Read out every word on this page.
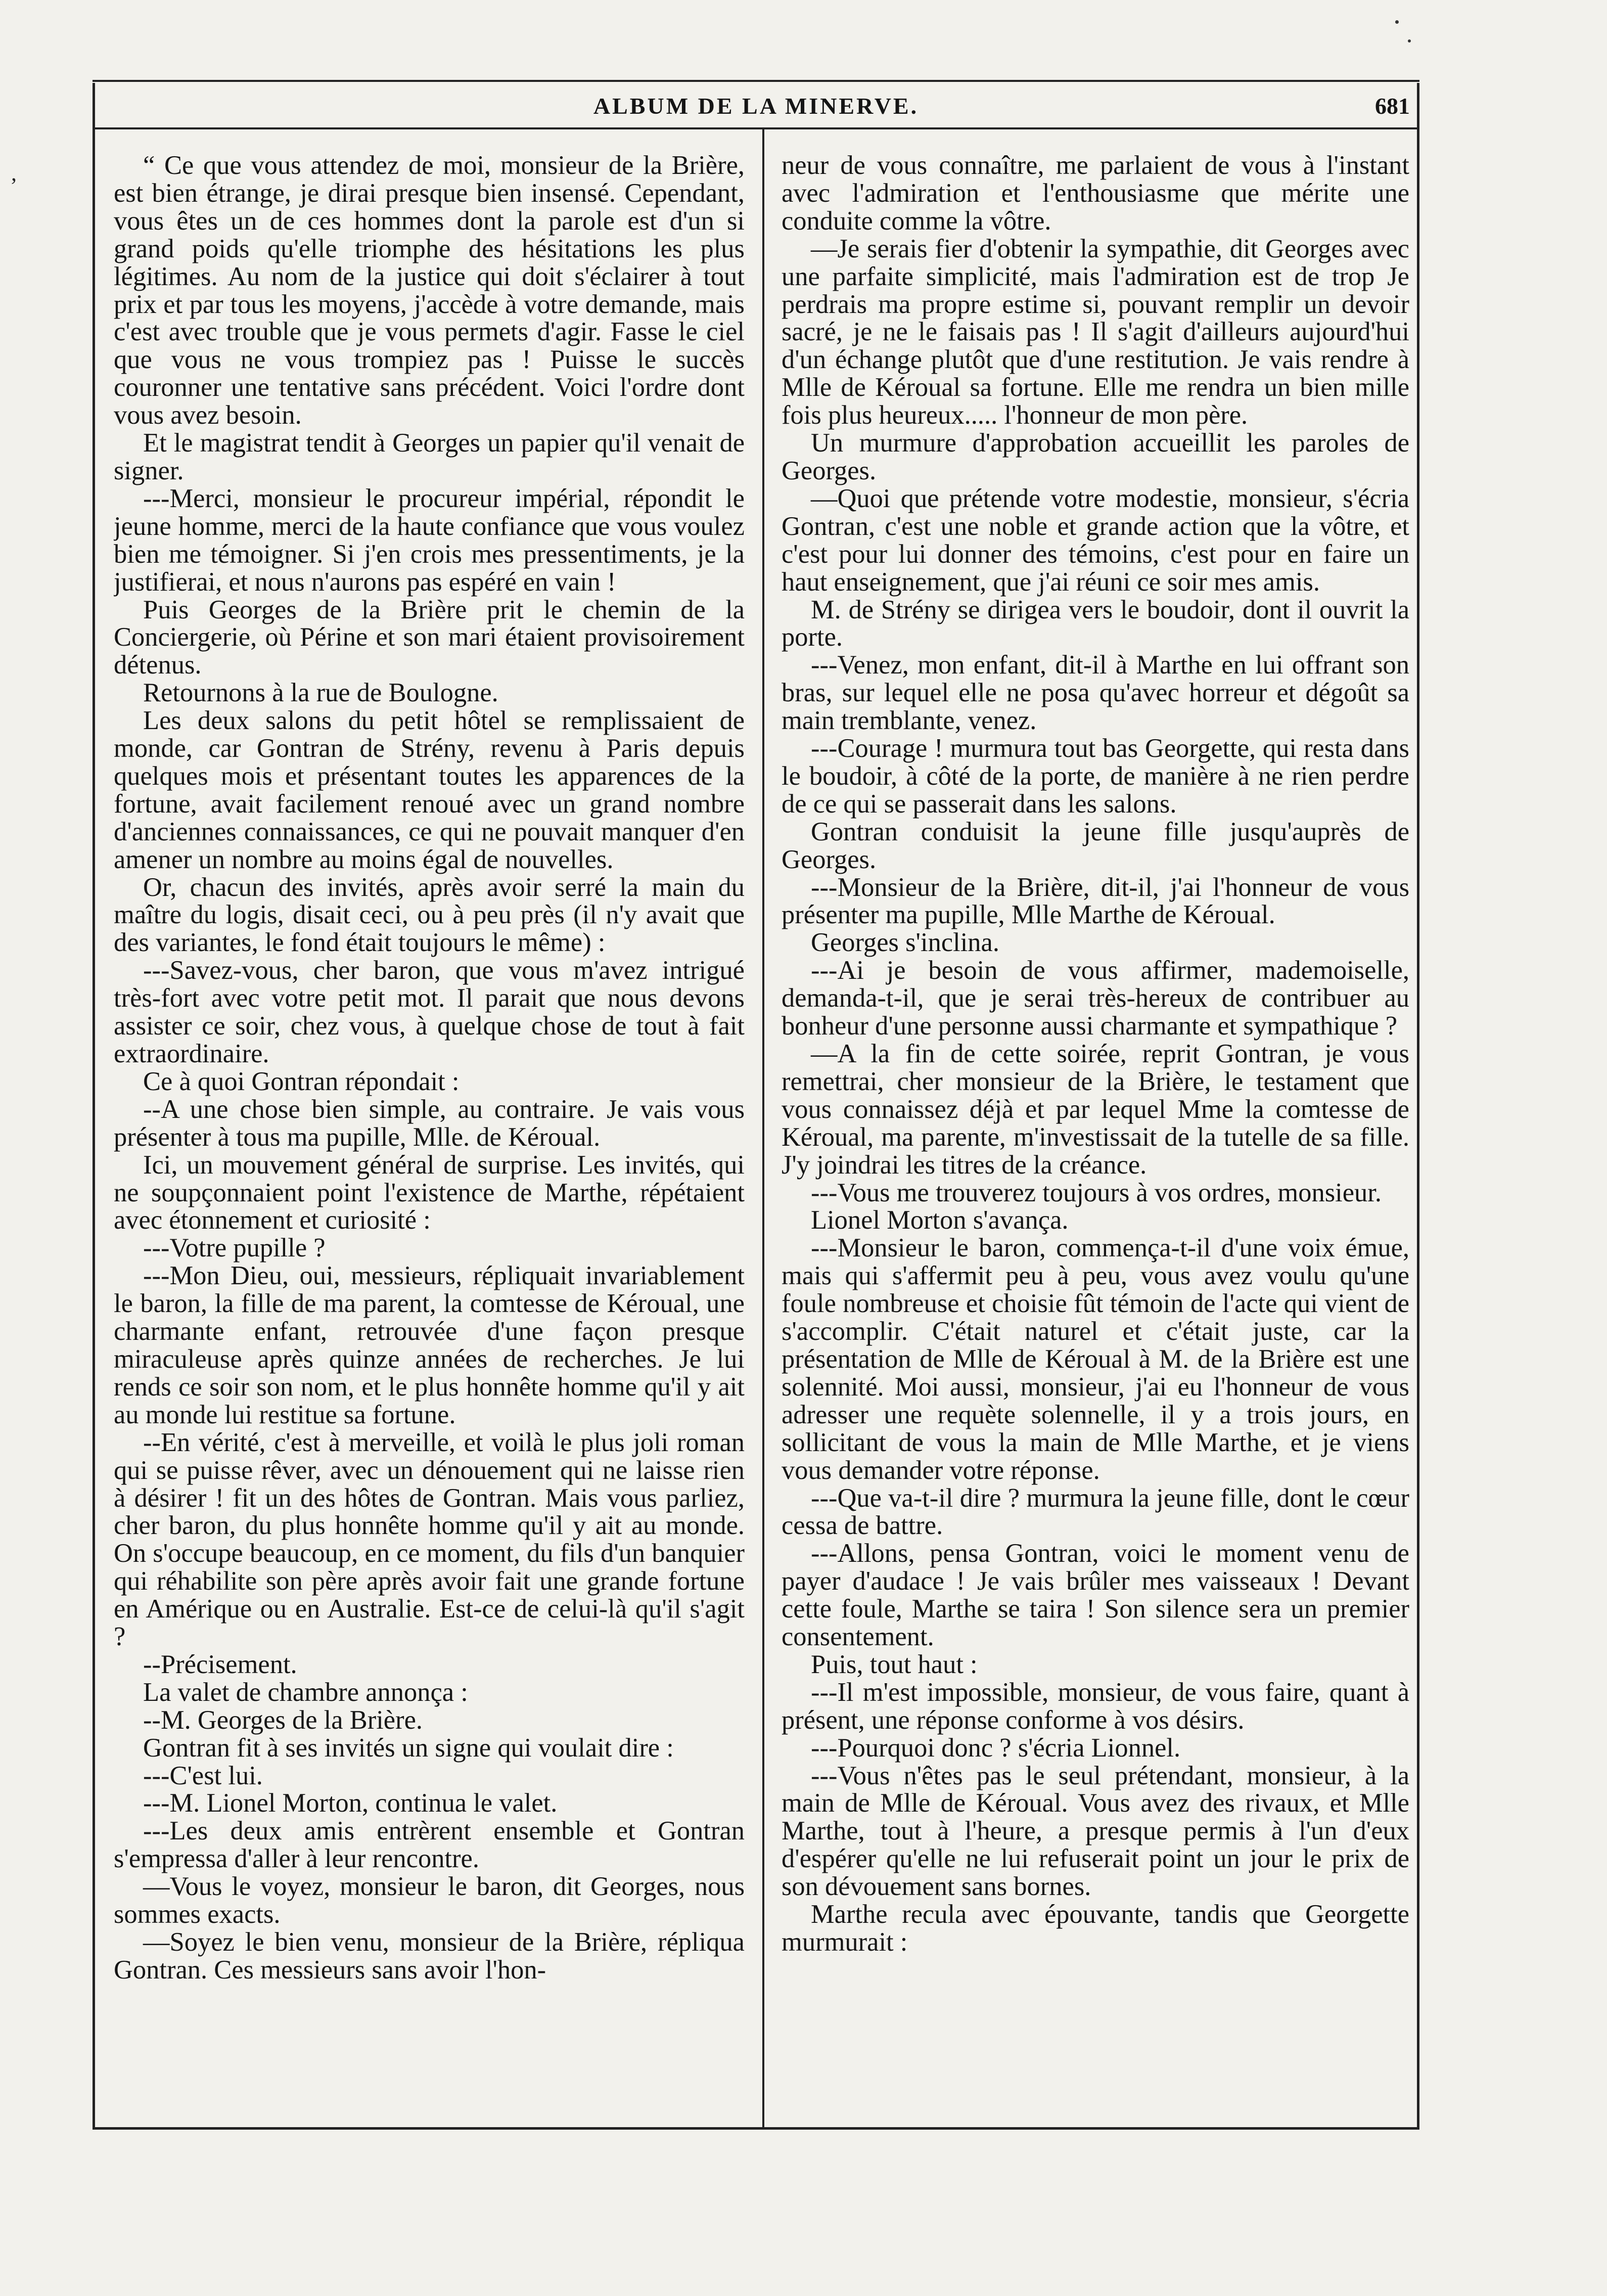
ALBUM DE LA MINERVE.	681
,	“ Ce que vous attendez de moi, monsieur de la Brière, est bien étrange, je dirai presque bien insensé. Cependant, vous êtes un de ces hommes dont la parole est d'un si grand poids qu'elle triomphe des hésitations les plus légitimes. Au nom de la justice qui doit s'éclairer à tout prix et par tous les moyens, j'accède à votre demande, mais c'est avec trouble que je vous permets d'agir. Fasse le ciel que vous ne vous trompiez pas ! Puisse le succès couronner une tentative sans précédent. Voici l'ordre dont vous avez besoin.

Et le magistrat tendit à Georges un papier qu'il venait de signer.

---Merci, monsieur le procureur impérial, répondit le jeune homme, merci de la haute confiance que vous voulez bien me témoigner. Si j'en crois mes pressentiments, je la justifierai, et nous n'aurons pas espéré en vain !

Puis Georges de la Brière prit le chemin de la Conciergerie, où Périne et son mari étaient provisoirement détenus.

Retournons à la rue de Boulogne.

Les deux salons du petit hôtel se remplissaient de monde, car Gontran de Strény, revenu à Paris depuis quelques mois et présentant toutes les apparences de la fortune, avait facilement renoué avec un grand nombre d'anciennes connaissances, ce qui ne pouvait manquer d'en amener un nombre au moins égal de nouvelles.

Or, chacun des invités, après avoir serré la main du maître du logis, disait ceci, ou à peu près (il n'y avait que des variantes, le fond était toujours le même) :

---Savez-vous, cher baron, que vous m'avez intrigué très-fort avec votre petit mot. Il parait que nous devons assister ce soir, chez vous, à quelque chose de tout à fait extraordinaire.

Ce à quoi Gontran répondait :

--A une chose bien simple, au contraire. Je vais vous présenter à tous ma pupille, Mlle. de Kéroual.

Ici, un mouvement général de surprise. Les invités, qui ne soupçonnaient point l'existence de Marthe, répétaient avec étonnement et curiosité :

---Votre pupille ?

---Mon Dieu, oui, messieurs, répliquait invariablement le baron, la fille de ma parent, la comtesse de Kéroual, une charmante enfant, retrouvée d'une façon presque miraculeuse après quinze années de recherches. Je lui rends ce soir son nom, et le plus honnête homme qu'il y ait au monde lui restitue sa fortune.

--En vérité, c'est à merveille, et voilà le plus joli roman qui se puisse rêver, avec un dénouement qui ne laisse rien à désirer ! fit un des hôtes de Gontran. Mais vous parliez, cher baron, du plus honnête homme qu'il y ait au monde. On s'occupe beaucoup, en ce moment, du fils d'un banquier qui réhabilite son père après avoir fait une grande fortune en Amérique ou en Australie. Est-ce de celui-là qu'il s'agit ?

--Précisement.

La valet de chambre annonça :

--M. Georges de la Brière.

Gontran fit à ses invités un signe qui voulait dire :

---C'est lui.

---M. Lionel Morton, continua le valet.

---Les deux amis entrèrent ensemble et Gontran s'empressa d'aller à leur rencontre.

—Vous le voyez, monsieur le baron, dit Georges, nous sommes exacts.

—Soyez le bien venu, monsieur de la Brière, répliqua Gontran. Ces messieurs sans avoir l'hon-

neur de vous connaître, me parlaient de vous à l'instant avec l'admiration et l'enthousiasme que mérite une conduite comme la vôtre.

—Je serais fier d'obtenir la sympathie, dit Georges avec une parfaite simplicité, mais l'admiration est de trop Je perdrais ma propre estime si, pouvant remplir un devoir sacré, je ne le faisais pas ! Il s'agit d'ailleurs aujourd'hui d'un échange plutôt que d'une restitution. Je vais rendre à Mlle de Kéroual sa fortune. Elle me rendra un bien mille fois plus heureux..... l'honneur de mon père.

Un murmure d'approbation accueillit les paroles de Georges.

—Quoi que prétende votre modestie, monsieur, s'écria Gontran, c'est une noble et grande action que la vôtre, et c'est pour lui donner des témoins, c'est pour en faire un haut enseignement, que j'ai réuni ce soir mes amis.

M. de Strény se dirigea vers le boudoir, dont il ouvrit la porte.

---Venez, mon enfant, dit-il à Marthe en lui offrant son bras, sur lequel elle ne posa qu'avec horreur et dégoût sa main tremblante, venez.

---Courage ! murmura tout bas Georgette, qui resta dans le boudoir, à côté de la porte, de manière à ne rien perdre de ce qui se passerait dans les salons.

Gontran conduisit la jeune fille jusqu'auprès de Georges.

---Monsieur de la Brière, dit-il, j'ai l'honneur de vous présenter ma pupille, Mlle Marthe de Kéroual.

Georges s'inclina.

---Ai je besoin de vous affirmer, mademoiselle, demanda-t-il, que je serai très-hereux de contribuer au bonheur d'une personne aussi charmante et sympathique ?

—A la fin de cette soirée, reprit Gontran, je vous remettrai, cher monsieur de la Brière, le testament que vous connaissez déjà et par lequel Mme la comtesse de Kéroual, ma parente, m'investissait de la tutelle de sa fille. J'y joindrai les titres de la créance.

---Vous me trouverez toujours à vos ordres, monsieur.

Lionel Morton s'avança.

---Monsieur le baron, commença-t-il d'une voix émue, mais qui s'affermit peu à peu, vous avez voulu qu'une foule nombreuse et choisie fût témoin de l'acte qui vient de s'accomplir. C'était naturel et c'était juste, car la présentation de Mlle de Kéroual à M. de la Brière est une solennité. Moi aussi, monsieur, j'ai eu l'honneur de vous adresser une requète solennelle, il y a trois jours, en sollicitant de vous la main de Mlle Marthe, et je viens vous demander votre réponse.

---Que va-t-il dire ? murmura la jeune fille, dont le cœur cessa de battre.

---Allons, pensa Gontran, voici le moment venu de payer d'audace ! Je vais brûler mes vaisseaux ! Devant cette foule, Marthe se taira ! Son silence sera un premier consentement.

Puis, tout haut :

---Il m'est impossible, monsieur, de vous faire, quant à présent, une réponse conforme à vos désirs.

---Pourquoi donc ? s'écria Lionnel.

---Vous n'êtes pas le seul prétendant, monsieur, à la main de Mlle de Kéroual. Vous avez des rivaux, et Mlle Marthe, tout à l'heure, a presque permis à l'un d'eux d'espérer qu'elle ne lui refuserait point un jour le prix de son dévouement sans bornes.

Marthe recula avec épouvante, tandis que Georgette murmurait :
